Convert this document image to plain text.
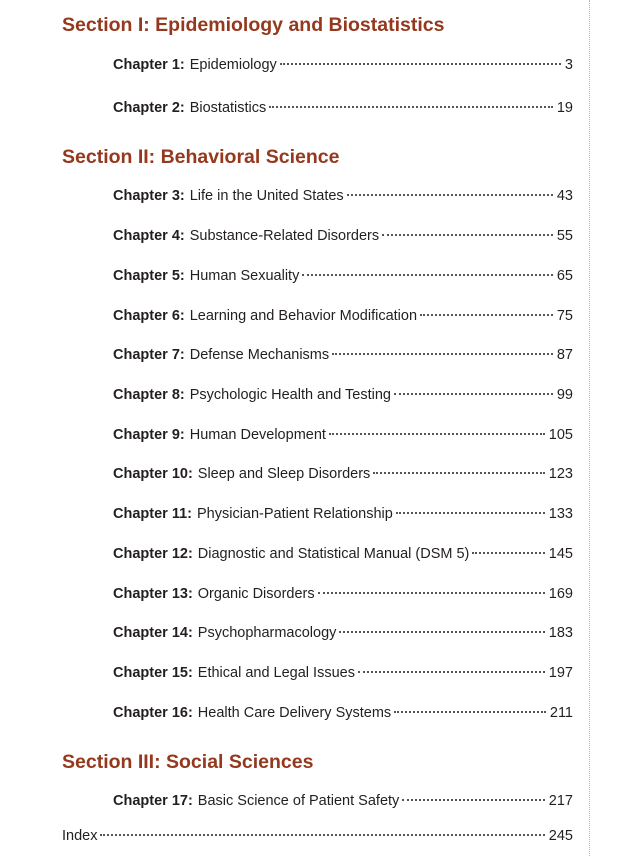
Section I: Epidemiology and Biostatistics
Chapter 1: Epidemiology	3
Chapter 2: Biostatistics	19
Section II: Behavioral Science
Chapter 3: Life in the United States	43
Chapter 4: Substance-Related Disorders	55
Chapter 5: Human Sexuality	65
Chapter 6: Learning and Behavior Modification	75
Chapter 7: Defense Mechanisms	87
Chapter 8: Psychologic Health and Testing	99
Chapter 9: Human Development	105
Chapter 10: Sleep and Sleep Disorders	123
Chapter 11: Physician-Patient Relationship	133
Chapter 12: Diagnostic and Statistical Manual (DSM 5)	145
Chapter 13: Organic Disorders	169
Chapter 14: Psychopharmacology	183
Chapter 15: Ethical and Legal Issues	197
Chapter 16: Health Care Delivery Systems	211
Section III: Social Sciences
Chapter 17: Basic Science of Patient Safety	217
Index	245
